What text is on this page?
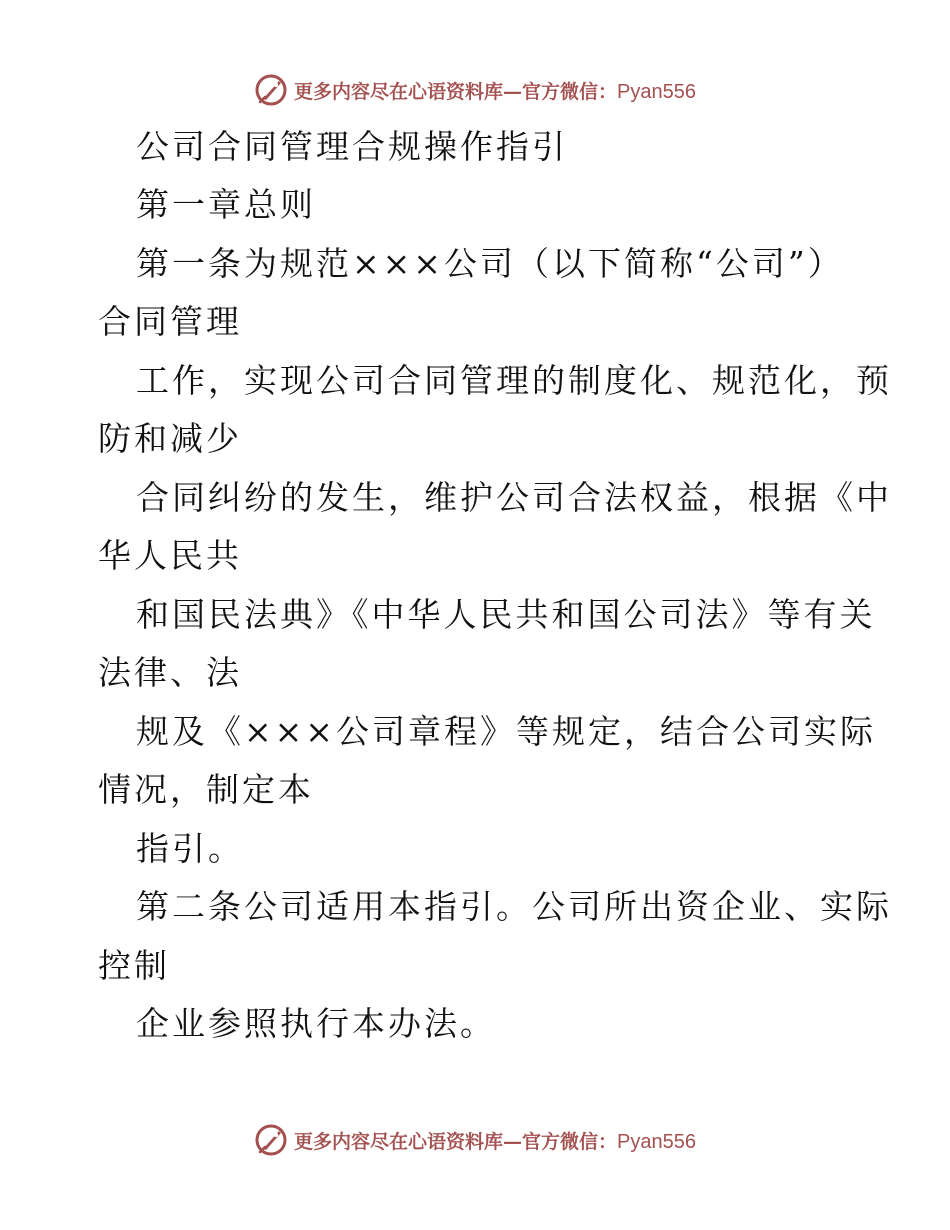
更多内容尽在心语资料库—官方微信：Pyan556
公司合同管理合规操作指引
第一章总则
第一条为规范×××公司（以下简称“公司”）
合同管理
工作，实现公司合同管理的制度化、规范化，预
防和减少
合同纠纷的发生，维护公司合法权益，根据《中
华人民共
和国民法典》《中华人民共和国公司法》等有关
法律、法
规及《×××公司章程》等规定，结合公司实际
情况，制定本
指引。
第二条公司适用本指引。公司所出资企业、实际
控制
企业参照执行本办法。
更多内容尽在心语资料库—官方微信：Pyan556
